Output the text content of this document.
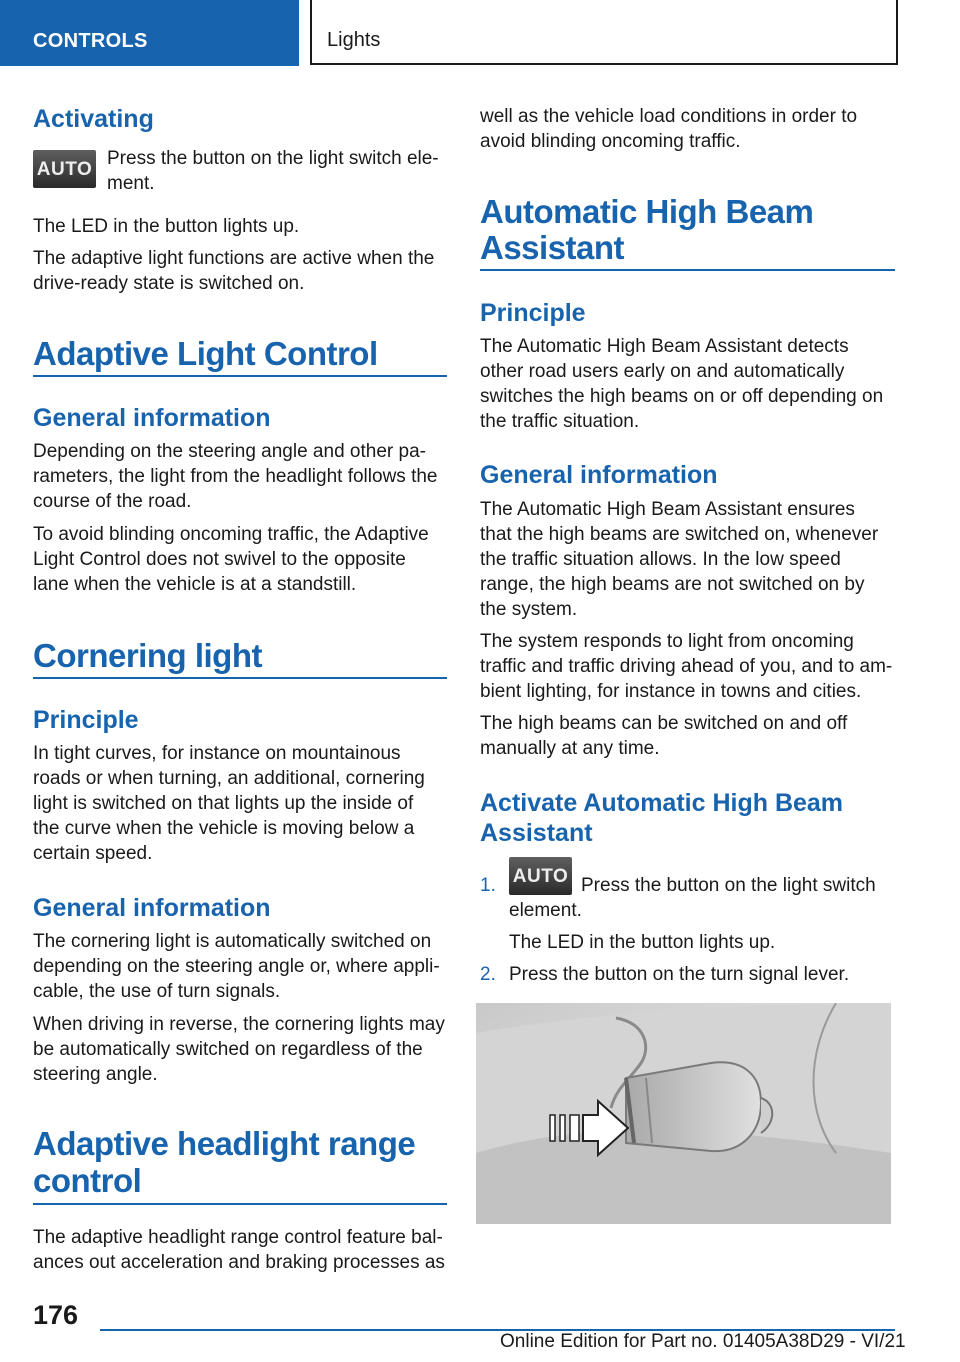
CONTROLS	Lights
Activating
AUTO
Press the button on the light switch ele-
ment.
The LED in the button lights up.
The adaptive light functions are active when the
drive-ready state is switched on.
Adaptive Light Control
General information
Depending on the steering angle and other pa-
rameters, the light from the headlight follows the
course of the road.
To avoid blinding oncoming traffic, the Adaptive
Light Control does not swivel to the opposite
lane when the vehicle is at a standstill.
Cornering light
Principle
In tight curves, for instance on mountainous
roads or when turning, an additional, cornering
light is switched on that lights up the inside of
the curve when the vehicle is moving below a
certain speed.
General information
The cornering light is automatically switched on
depending on the steering angle or, where appli-
cable, the use of turn signals.
When driving in reverse, the cornering lights may
be automatically switched on regardless of the
steering angle.
Adaptive headlight range
control
The adaptive headlight range control feature bal-
ances out acceleration and braking processes as
well as the vehicle load conditions in order to
avoid blinding oncoming traffic.
Automatic High Beam
Assistant
Principle
The Automatic High Beam Assistant detects
other road users early on and automatically
switches the high beams on or off depending on
the traffic situation.
General information
The Automatic High Beam Assistant ensures
that the high beams are switched on, whenever
the traffic situation allows. In the low speed
range, the high beams are not switched on by
the system.
The system responds to light from oncoming
traffic and traffic driving ahead of you, and to am-
bient lighting, for instance in towns and cities.
The high beams can be switched on and off
manually at any time.
Activate Automatic High Beam
Assistant
1. AUTO Press the button on the light switch
element.
The LED in the button lights up.
2. Press the button on the turn signal lever.
176
Online Edition for Part no. 01405A38D29 - VI/21
